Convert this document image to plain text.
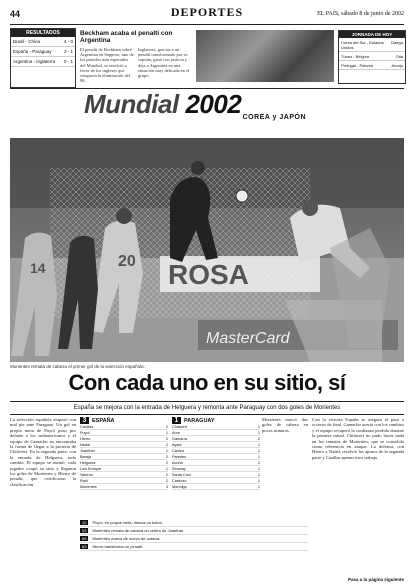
44	DEPORTES	EL PAÍS, sábado 8 de junio de 2002
RESULTADOS
Brasil - China	4 - 0
España - Paraguay	3 - 1
Argentina - Inglaterra 0 - 1
Beckham acaba el penalti con Argentina
El penalti de Beckham sobre Argentina en Sapporo, uno de los partidos más esperados del Mundial, se resolvió a favor de los ingleses que vengaron la eliminación del 98.
Inglaterra, gracias a un penalti transformado por su capitán, ganó con justicia y deja a Argentina en una situación muy delicada en el grupo.
JORNADA DE HOY
Corea del Sur - Estados Unidos
Daegu
Túnez - Bélgica	Oita
Portugal - Polonia	Jeonju
Mundial 2002 COREA y JAPÓN
ROSA
MasterCard
20
14
Morientes remata de cabeza el primer gol de la selección española.
Con cada uno en su sitio, sí
España se mejora con la entrada de Helguera y remonta ante Paraguay con dos goles de Morientes
La selección española empezó con mal pie ante Paraguay. Un gol en propia meta de Puyol puso por delante a los sudamericanos y el equipo de Camacho no encontraba la forma de llegar a la portería de Chilavert. En la segunda parte, con la entrada de Helguera, todo cambió. El equipo se asentó, cada jugador ocupó su sitio y llegaron los goles de Morientes y Hierro de penalti, que certificaron la clasificación.
3	ESPAÑA
Casillas	2
Puyol	1
Hierro	2
Nadal	2
Juanfran	1
Baraja	2
Helguera	2
Luis Enrique	1
Valerón	2
Raúl	2
Morientes	3
1	PARAGUAY
Chilavert	1
Arce	1
Gamarra	2
Ayala	1
Caniza	1
Paredes	1
Acuña	2
Struway	1
Santa Cruz	1
Cardozo	1
Morínigo	1
Morientes marcó dos goles de cabeza en pocos minutos.
10	Puyol, en propia meta, desvía un balón.
53	Morientes remata de cabeza un centro de Juanfran.
69	Morientes marca de nuevo de cabeza.
83	Hierro transforma un penalti.
Con la victoria España se asegura el paso a octavos de final. Camacho acertó con los cambios y el equipo recuperó la confianza perdida durante la primera mitad. Chilavert no pudo hacer nada en los remates de Morientes, que se consolida como referencia en ataque. La defensa, con Hierro y Nadal, resolvió los apuros de la segunda parte y Casillas apenas tuvo trabajo.
Pasa a la página siguiente
